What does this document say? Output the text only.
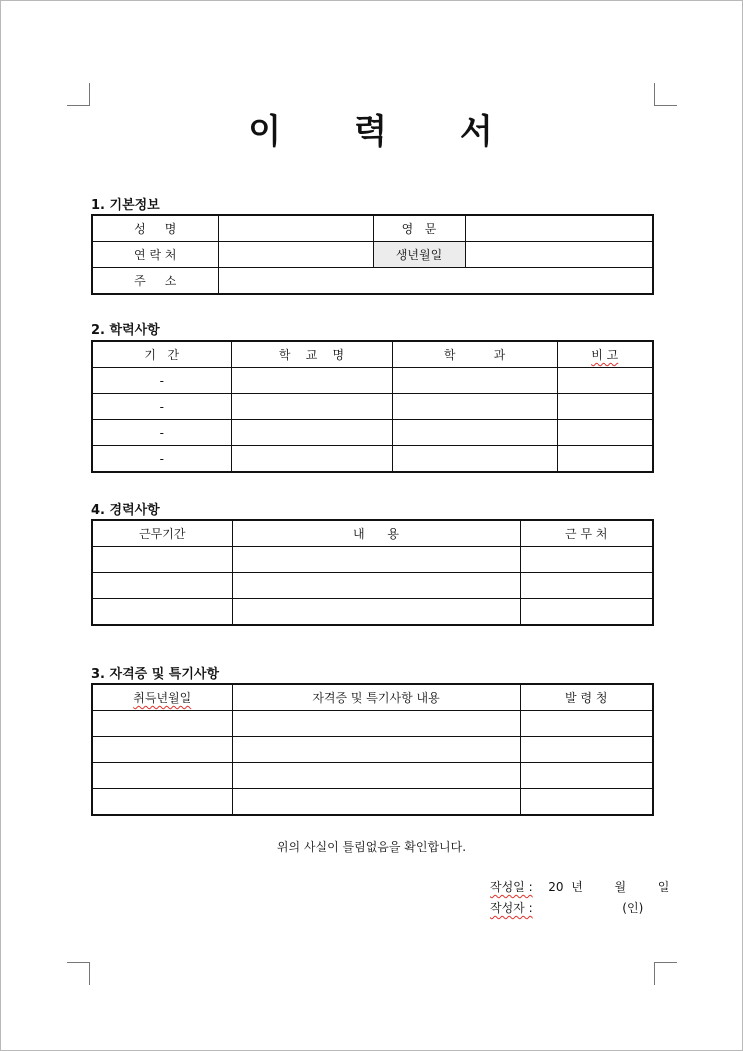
이 력 서
1. 기본정보
성     명		영   문	
연 락 처		생년월일	
주     소			
2. 학력사항
기   간	학    교    명	학          과	비 고
-			
-			
-			
-			
4. 경력사항
근무기간	내      용	근 무 처

3. 자격증 및 특기사항
취득년월일	자격증 및 특기사항 내용	발 령 청

위의 사실이 틀림없음을 확인합니다.
작성일 : 20  년	월	일
작성자 :	(인)
